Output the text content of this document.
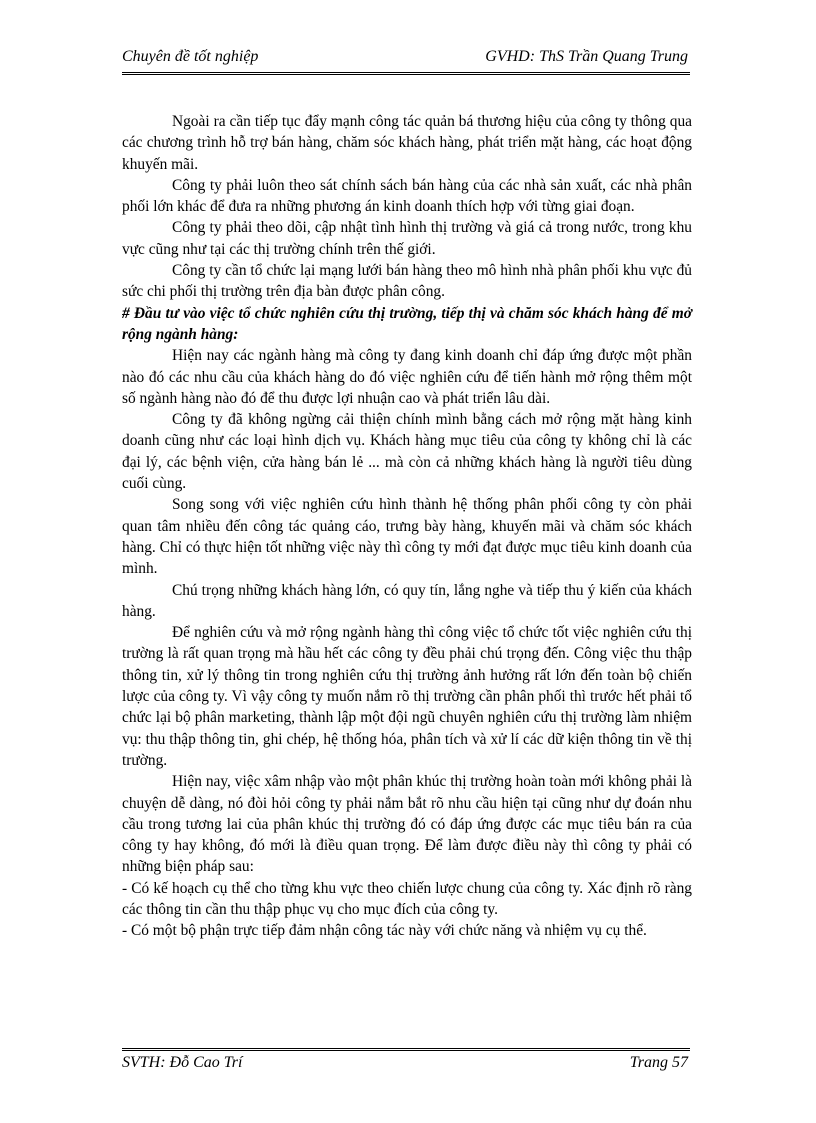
Chuyên đề tốt nghiệp	GVHD: ThS Trần Quang Trung

Ngoài ra cần tiếp tục đẩy mạnh công tác quản bá thương hiệu của công ty thông qua các chương trình hỗ trợ bán hàng, chăm sóc khách hàng, phát triển mặt hàng, các hoạt động khuyến mãi.

Công ty phải luôn theo sát chính sách bán hàng của các nhà sản xuất, các nhà phân phối lớn khác để đưa ra những phương án kinh doanh thích hợp với từng giai đoạn.

Công ty phải theo dõi, cập nhật tình hình thị trường và giá cả trong nước, trong khu vực cũng như tại các thị trường chính trên thế giới.

Công ty cần tổ chức lại mạng lưới bán hàng theo mô hình nhà phân phối khu vực đủ sức chi phối thị trường trên địa bàn được phân công.

# Đầu tư vào việc tổ chức nghiên cứu thị trường, tiếp thị và chăm sóc khách hàng để mở rộng ngành hàng:

Hiện nay các ngành hàng mà công ty đang kinh doanh chỉ đáp ứng được một phần nào đó các nhu cầu của khách hàng do đó việc nghiên cứu để tiến hành mở rộng thêm một số ngành hàng nào đó để thu được lợi nhuận cao và phát triển lâu dài.

Công ty đã không ngừng cải thiện chính mình bằng cách mở rộng mặt hàng kinh doanh cũng như các loại hình dịch vụ. Khách hàng mục tiêu của công ty không chỉ là các đại lý, các bệnh viện, cửa hàng bán lẻ ... mà còn cả những khách hàng là người tiêu dùng cuối cùng.

Song song với việc nghiên cứu hình thành hệ thống phân phối công ty còn phải quan tâm nhiều đến công tác quảng cáo, trưng bày hàng, khuyến mãi và chăm sóc khách hàng. Chỉ có thực hiện tốt những việc này thì công ty mới đạt được mục tiêu kinh doanh của mình.

Chú trọng những khách hàng lớn, có quy tín, lắng nghe và tiếp thu ý kiến của khách hàng.

Để nghiên cứu và mở rộng ngành hàng thì công việc tổ chức tốt việc nghiên cứu thị trường là rất quan trọng mà hầu hết các công ty đều phải chú trọng đến. Công việc thu thập thông tin, xử lý thông tin trong nghiên cứu thị trường ảnh hưởng rất lớn đến toàn bộ chiến lược của công ty. Vì vậy công ty muốn nắm rõ thị trường cần phân phối thì trước hết phải tổ chức lại bộ phân marketing, thành lập một đội ngũ chuyên nghiên cứu thị trường làm nhiệm vụ: thu thập thông tin, ghi chép, hệ thống hóa, phân tích và xử lí các dữ kiện thông tin về thị trường.

Hiện nay, việc xâm nhập vào một phân khúc thị trường hoàn toàn mới không phải là chuyện dễ dàng, nó đòi hỏi công ty phải nắm bắt rõ nhu cầu hiện tại cũng như dự đoán nhu cầu trong tương lai của phân khúc thị trường đó có đáp ứng được các mục tiêu bán ra của công ty hay không, đó mới là điều quan trọng. Để làm được điều này thì công ty phải có những biện pháp sau:

- Có kế hoạch cụ thể cho từng khu vực theo chiến lược chung của công ty. Xác định rõ ràng các thông tin cần thu thập phục vụ cho mục đích của công ty.

- Có một bộ phận trực tiếp đảm nhận công tác này với chức năng và nhiệm vụ cụ thể.

SVTH: Đỗ Cao Trí	Trang 57
